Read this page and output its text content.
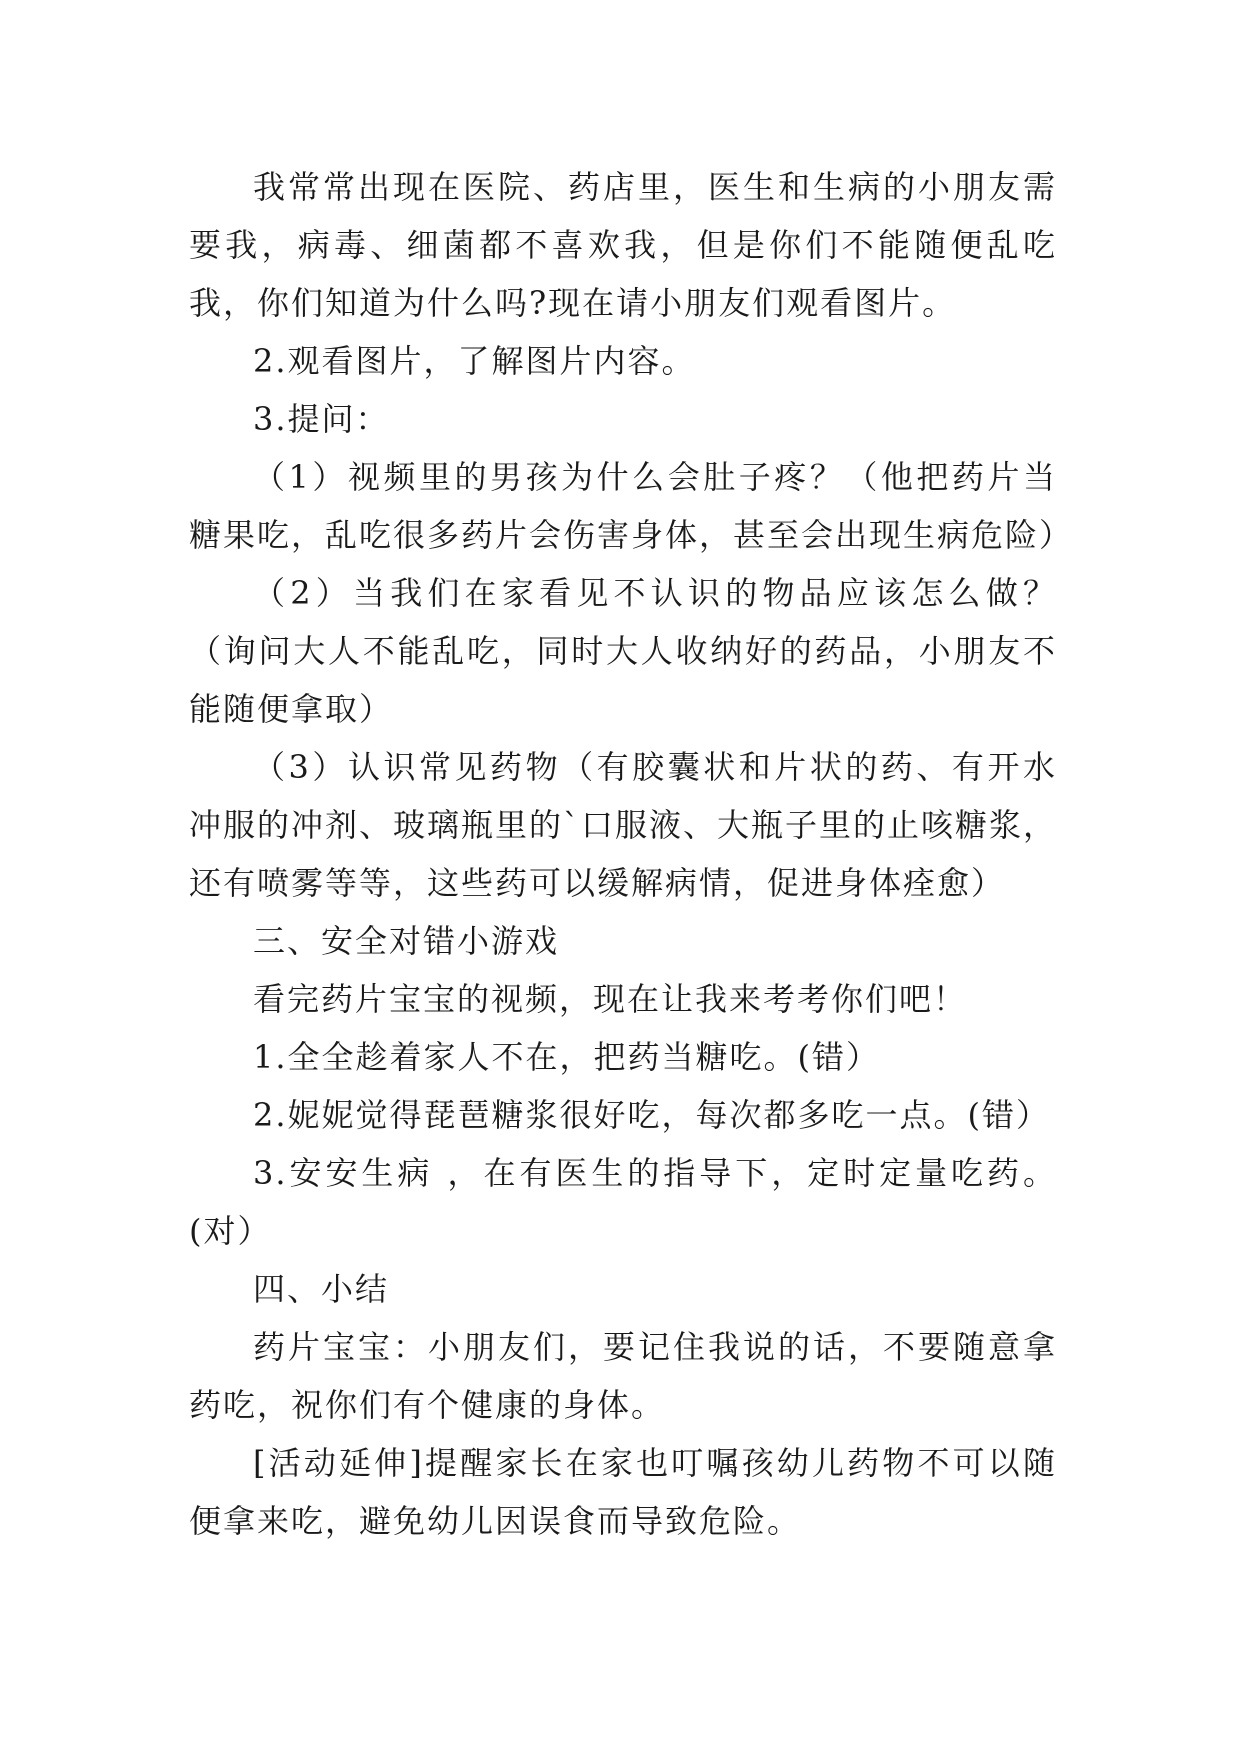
我常常出现在医院、药店里，医生和生病的小朋友需要我，病毒、细菌都不喜欢我，但是你们不能随便乱吃我，你们知道为什么吗?现在请小朋友们观看图片。

2.观看图片，了解图片内容。

3.提问：

（1）视频里的男孩为什么会肚子疼？（他把药片当糖果吃，乱吃很多药片会伤害身体，甚至会出现生病危险）

（2）当我们在家看见不认识的物品应该怎么做？（询问大人不能乱吃，同时大人收纳好的药品，小朋友不能随便拿取）

（3）认识常见药物（有胶囊状和片状的药、有开水冲服的冲剂、玻璃瓶里的`口服液、大瓶子里的止咳糖浆，还有喷雾等等，这些药可以缓解病情，促进身体痊愈）

三、安全对错小游戏

看完药片宝宝的视频，现在让我来考考你们吧！

1.全全趁着家人不在，把药当糖吃。(错）

2.妮妮觉得琵琶糖浆很好吃，每次都多吃一点。(错）

3.安安生病 ，在有医生的指导下，定时定量吃药。(对）

四、小结

药片宝宝：小朋友们，要记住我说的话，不要随意拿药吃，祝你们有个健康的身体。

[活动延伸]提醒家长在家也叮嘱孩幼儿药物不可以随便拿来吃，避免幼儿因误食而导致危险。
